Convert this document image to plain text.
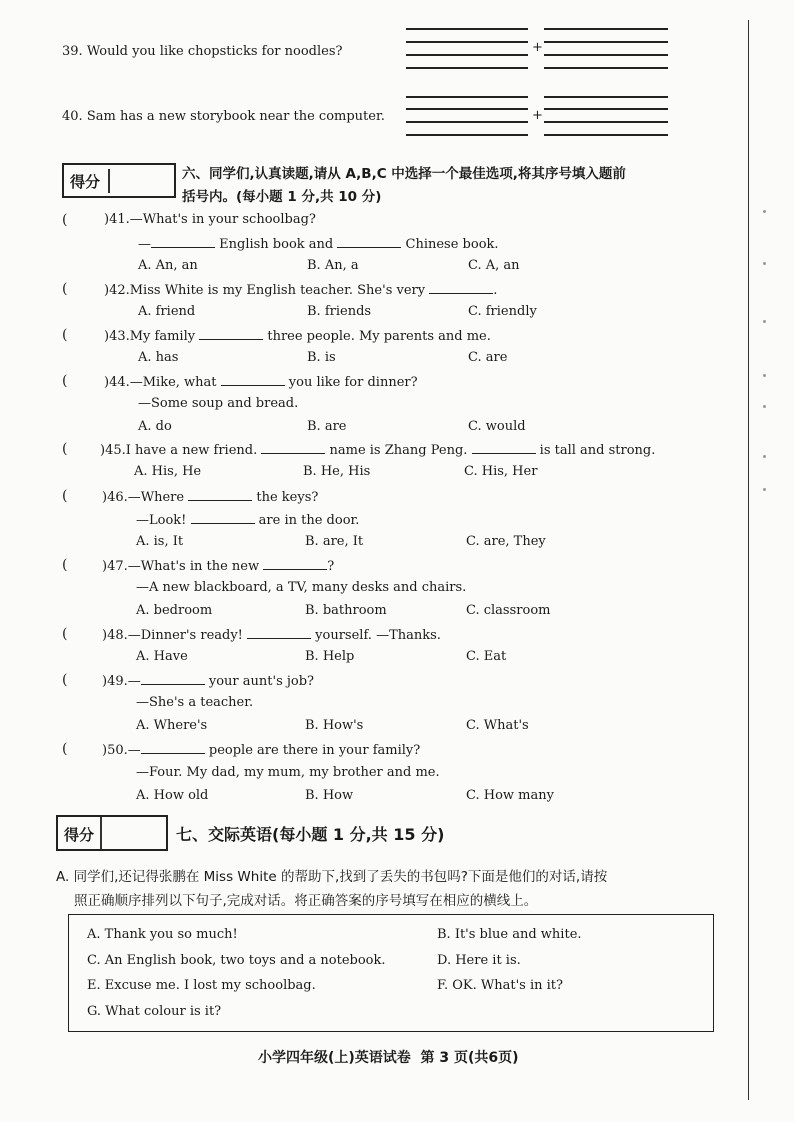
39. Would you like chopsticks for noodles?	+
40. Sam has a new storybook near the computer.	+
得分	六、同学们,认真读题,请从 A,B,C 中选择一个最佳选项,将其序号填入题前
括号内。(每小题 1 分,共 10 分)
(	)41.—What's in your schoolbag?
—	English book and	Chinese book.
A. An, an	B. An, a	C. A, an
(	)42.Miss White is my English teacher. She's very	.
A. friend	B. friends	C. friendly
(	)43.My family	three people. My parents and me.
A. has	B. is	C. are
(	)44.—Mike, what	you like for dinner?
—Some soup and bread.
A. do	B. are	C. would
(	)45.I have a new friend.	name is Zhang Peng.	is tall and strong.
A. His, He	B. He, His	C. His, Her
(	)46.—Where	the keys?
—Look!	are in the door.
A. is, It	B. are, It	C. are, They
(	)47.—What's in the new	?
—A new blackboard, a TV, many desks and chairs.
A. bedroom	B. bathroom	C. classroom
(	)48.—Dinner's ready!	yourself. —Thanks.
A. Have	B. Help	C. Eat
(	)49.—	your aunt's job?
—She's a teacher.
A. Where's	B. How's	C. What's
(	)50.—	people are there in your family?
—Four. My dad, my mum, my brother and me.
A. How old	B. How	C. How many
得分	七、交际英语(每小题 1 分,共 15 分)
A. 同学们,还记得张鹏在 Miss White 的帮助下,找到了丢失的书包吗?下面是他们的对话,请按
照正确顺序排列以下句子,完成对话。将正确答案的序号填写在相应的横线上。
A. Thank you so much!	B. It's blue and white.
C. An English book, two toys and a notebook.	D. Here it is.
E. Excuse me. I lost my schoolbag.	F. OK. What's in it?
G. What colour is it?
小学四年级(上)英语试卷  第 3 页(共6页)
